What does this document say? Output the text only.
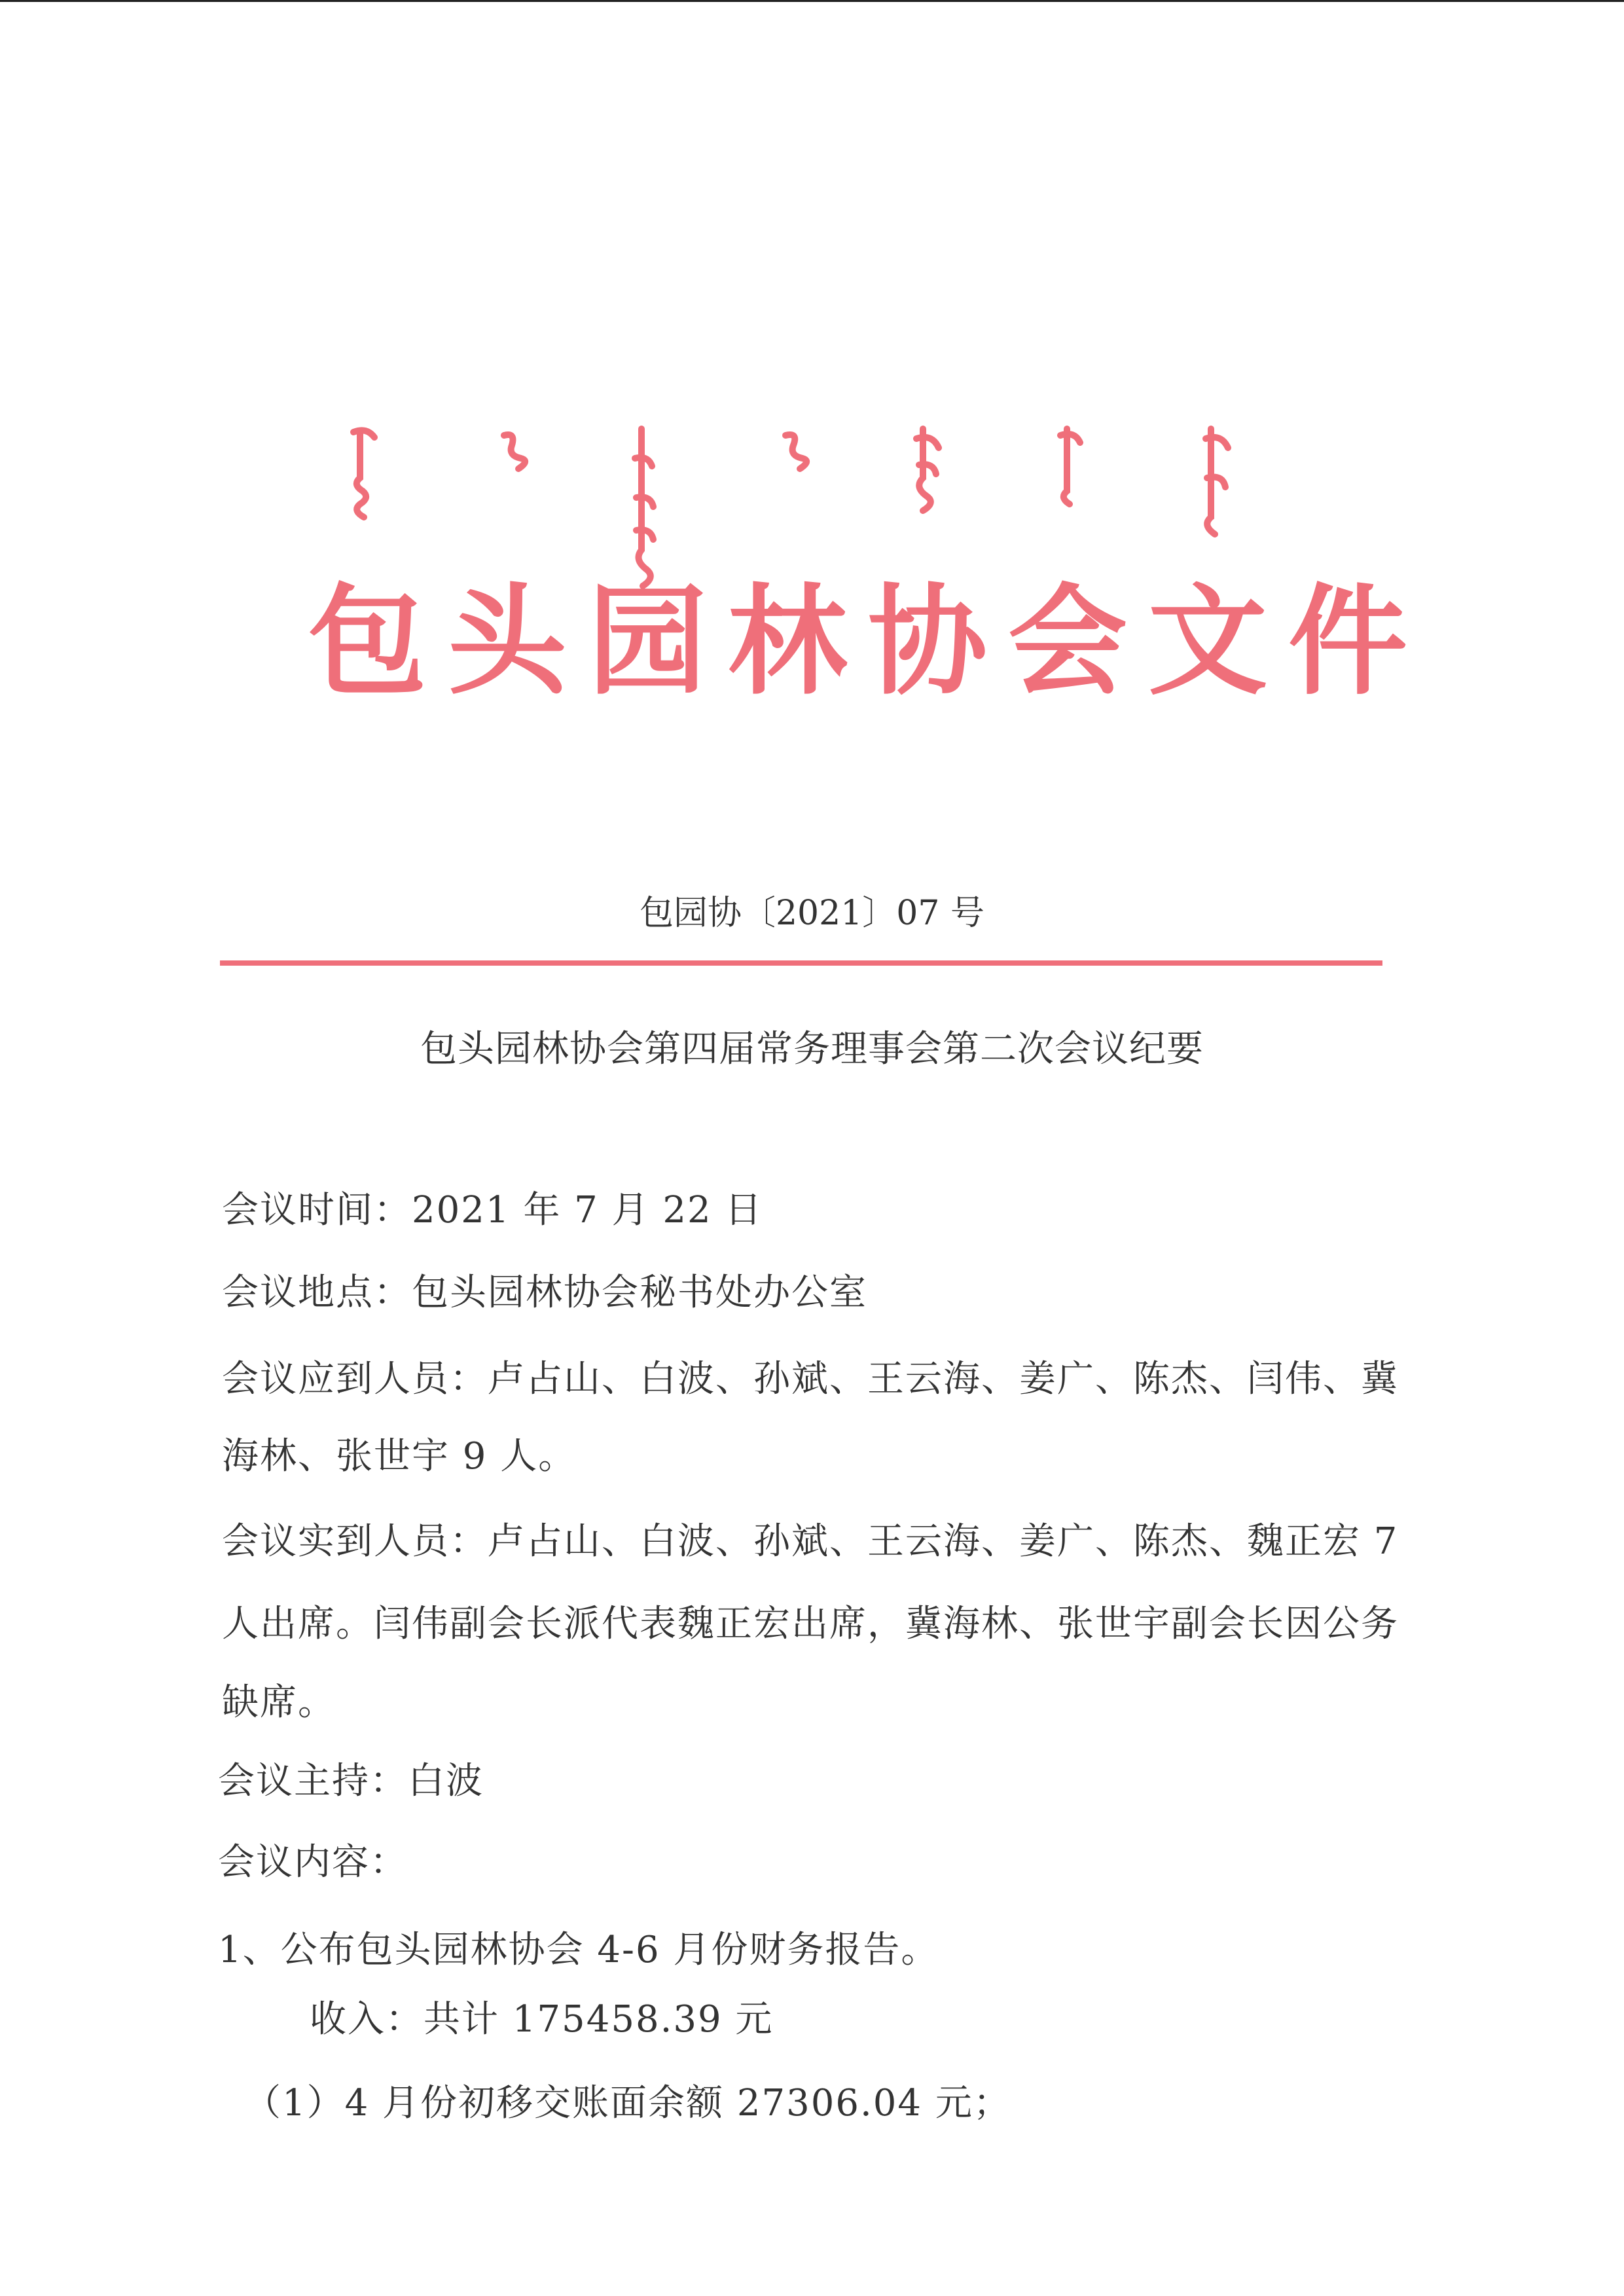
包头园林协会文件
包园协〔2021〕07 号
包头园林协会第四届常务理事会第二次会议纪要
会议时间：2021 年 7 月 22 日
会议地点：包头园林协会秘书处办公室
会议应到人员：卢占山、白波、孙斌、王云海、姜广、陈杰、闫伟、冀
海林、张世宇 9 人。
会议实到人员：卢占山、白波、孙斌、王云海、姜广、陈杰、魏正宏 7
人出席。闫伟副会长派代表魏正宏出席，冀海林、张世宇副会长因公务
缺席。
会议主持：白波
会议内容：
1、公布包头园林协会 4-6 月份财务报告。
收入：共计 175458.39 元
（1）4 月份初移交账面余额 27306.04 元；
